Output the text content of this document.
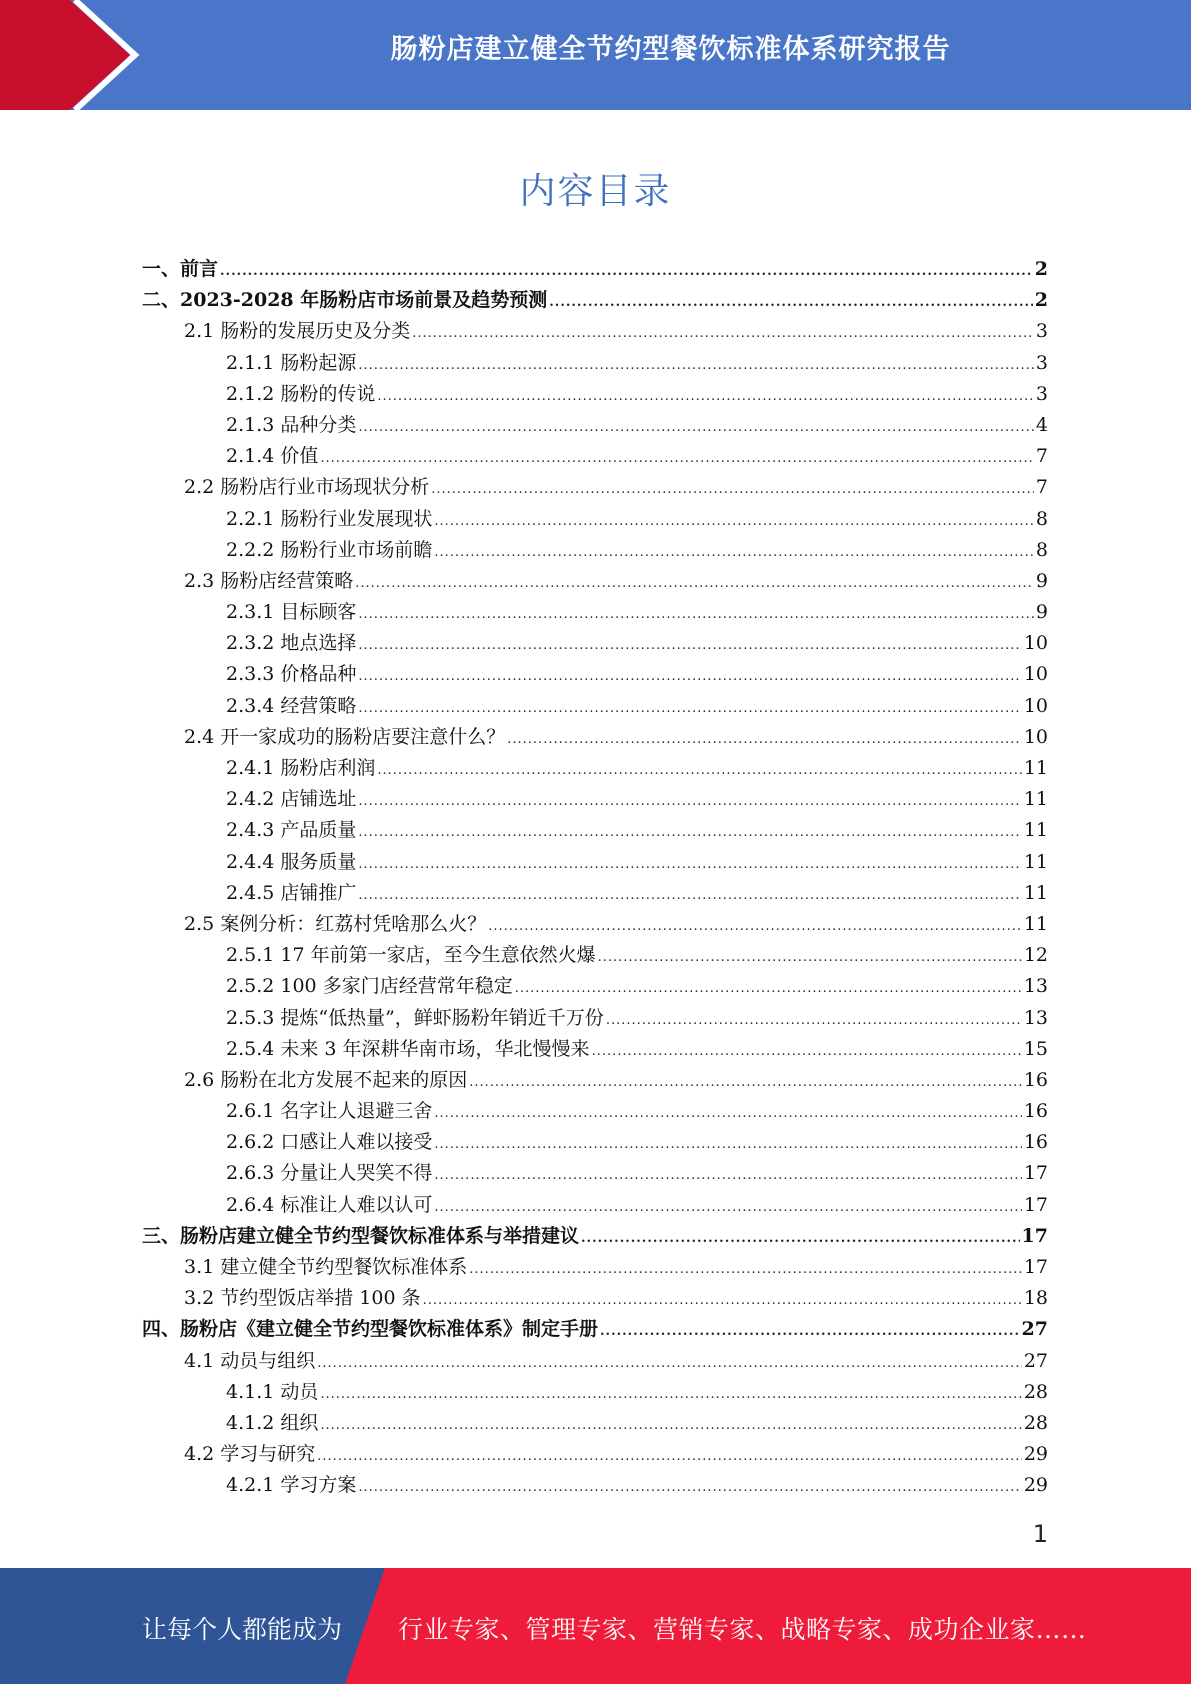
肠粉店建立健全节约型餐饮标准体系研究报告
内容目录
一、前言 .....	2
二、2023-2028 年肠粉店市场前景及趋势预测 .....	2
2.1 肠粉的发展历史及分类 .....	3
2.1.1 肠粉起源 .....	3
2.1.2 肠粉的传说 .....	3
2.1.3 品种分类 .....	4
2.1.4 价值 .....	7
2.2 肠粉店行业市场现状分析 .....	7
2.2.1 肠粉行业发展现状 .....	8
2.2.2 肠粉行业市场前瞻 .....	8
2.3 肠粉店经营策略 .....	9
2.3.1 目标顾客 .....	9
2.3.2 地点选择 .....	10
2.3.3 价格品种 .....	10
2.3.4 经营策略 .....	10
2.4 开一家成功的肠粉店要注意什么？ .....	10
2.4.1 肠粉店利润 .....	11
2.4.2 店铺选址 .....	11
2.4.3 产品质量 .....	11
2.4.4 服务质量 .....	11
2.4.5 店铺推广 .....	11
2.5 案例分析：红荔村凭啥那么火？ .....	11
2.5.1 17 年前第一家店，至今生意依然火爆 .....	12
2.5.2 100 多家门店经营常年稳定 .....	13
2.5.3 提炼“低热量”，鲜虾肠粉年销近千万份 .....	13
2.5.4 未来 3 年深耕华南市场，华北慢慢来 .....	15
2.6 肠粉在北方发展不起来的原因 .....	16
2.6.1 名字让人退避三舍 .....	16
2.6.2 口感让人难以接受 .....	16
2.6.3 分量让人哭笑不得 .....	17
2.6.4 标准让人难以认可 .....	17
三、肠粉店建立健全节约型餐饮标准体系与举措建议 .....	17
3.1 建立健全节约型餐饮标准体系 .....	17
3.2 节约型饭店举措 100 条 .....	18
四、肠粉店《建立健全节约型餐饮标准体系》制定手册 .....	27
4.1 动员与组织 .....	27
4.1.1 动员 .....	28
4.1.2 组织 .....	28
4.2 学习与研究 .....	29
4.2.1 学习方案 .....	29
1
让每个人都能成为 行业专家、管理专家、营销专家、战略专家、成功企业家……
